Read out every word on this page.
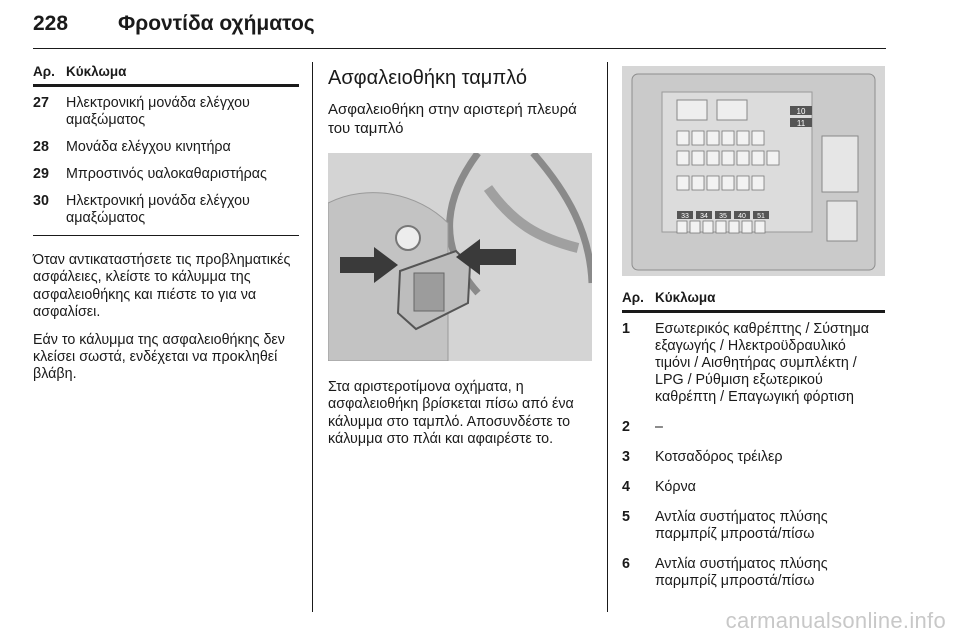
228 Φροντίδα οχήματος
Αρ. Κύκλωμα
27 Ηλεκτρονική μονάδα ελέγχου αμαξώματος
28 Μονάδα ελέγχου κινητήρα
29 Μπροστινός υαλοκαθαριστήρας
30 Ηλεκτρονική μονάδα ελέγχου αμαξώματος

Όταν αντικαταστήσετε τις προβληματικές ασφάλειες, κλείστε το κάλυμμα της ασφαλειοθήκης και πιέστε το για να ασφαλίσει.

Εάν το κάλυμμα της ασφαλειοθήκης δεν κλείσει σωστά, ενδέχεται να προκληθεί βλάβη.

Ασφαλειοθήκη ταμπλό
Ασφαλειοθήκη στην αριστερή πλευρά του ταμπλό

Στα αριστεροτίμονα οχήματα, η ασφαλειοθήκη βρίσκεται πίσω από ένα κάλυμμα στο ταμπλό. Αποσυνδέστε το κάλυμμα στο πλάι και αφαιρέστε το.

10
11
33 34 35 40 51
Αρ. Κύκλωμα
1 Εσωτερικός καθρέπτης / Σύστημα εξαγωγής / Ηλεκτροϋδραυλικό τιμόνι / Αισθητήρας συμπλέκτη / LPG / Ρύθμιση εξωτερικού καθρέπτη / Επαγωγική φόρτιση
2 –
3 Κοτσαδόρος τρέιλερ
4 Κόρνα
5 Αντλία συστήματος πλύσης παρμπρίζ μπροστά/πίσω
6 Αντλία συστήματος πλύσης παρμπρίζ μπροστά/πίσω
carmanualsonline.info
